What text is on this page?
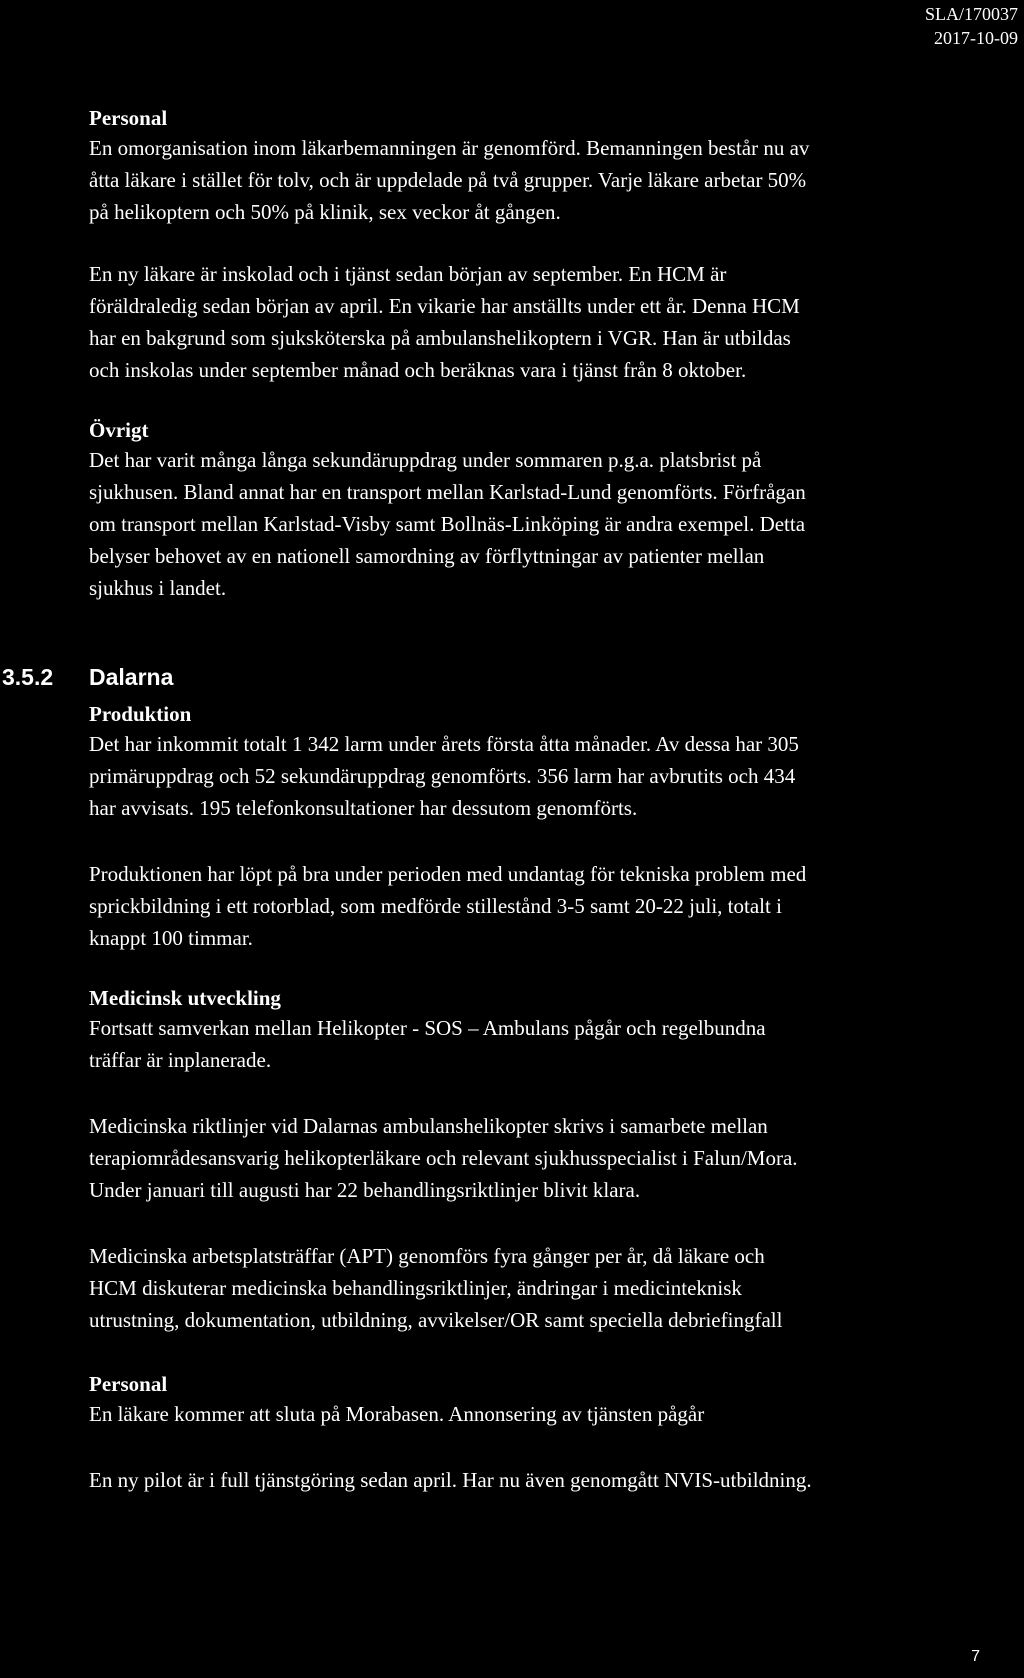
SLA/170037
2017-10-09
Personal

En omorganisation inom läkarbemanningen är genomförd. Bemanningen består nu av
åtta läkare i stället för tolv, och är uppdelade på två grupper. Varje läkare arbetar 50%
på helikoptern och 50% på klinik, sex veckor åt gången.

En ny läkare är inskolad och i tjänst sedan början av september. En HCM är
föräldraledig sedan början av april. En vikarie har anställts under ett år. Denna HCM
har en bakgrund som sjuksköterska på ambulanshelikoptern i VGR. Han är utbildas
och inskolas under september månad och beräknas vara i tjänst från 8 oktober.

Övrigt

Det har varit många långa sekundäruppdrag under sommaren p.g.a. platsbrist på
sjukhusen. Bland annat har en transport mellan Karlstad-Lund genomförts. Förfrågan
om transport mellan Karlstad-Visby samt Bollnäs-Linköping är andra exempel. Detta
belyser behovet av en nationell samordning av förflyttningar av patienter mellan
sjukhus i landet.

3.5.2 Dalarna
Produktion

Det har inkommit totalt 1 342 larm under årets första åtta månader. Av dessa har 305
primäruppdrag och 52 sekundäruppdrag genomförts. 356 larm har avbrutits och 434
har avvisats. 195 telefonkonsultationer har dessutom genomförts.

Produktionen har löpt på bra under perioden med undantag för tekniska problem med
sprickbildning i ett rotorblad, som medförde stillestånd 3-5 samt 20-22 juli, totalt i
knappt 100 timmar.

Medicinsk utveckling

Fortsatt samverkan mellan Helikopter - SOS – Ambulans pågår och regelbundna
träffar är inplanerade.

Medicinska riktlinjer vid Dalarnas ambulanshelikopter skrivs i samarbete mellan
terapiområdesansvarig helikopterläkare och relevant sjukhusspecialist i Falun/Mora.
Under januari till augusti har 22 behandlingsriktlinjer blivit klara.

Medicinska arbetsplatsträffar (APT) genomförs fyra gånger per år, då läkare och
HCM diskuterar medicinska behandlingsriktlinjer, ändringar i medicinteknisk
utrustning, dokumentation, utbildning, avvikelser/OR samt speciella debriefingfall

Personal

En läkare kommer att sluta på Morabasen. Annonsering av tjänsten pågår

En ny pilot är i full tjänstgöring sedan april. Har nu även genomgått NVIS-utbildning.

7
